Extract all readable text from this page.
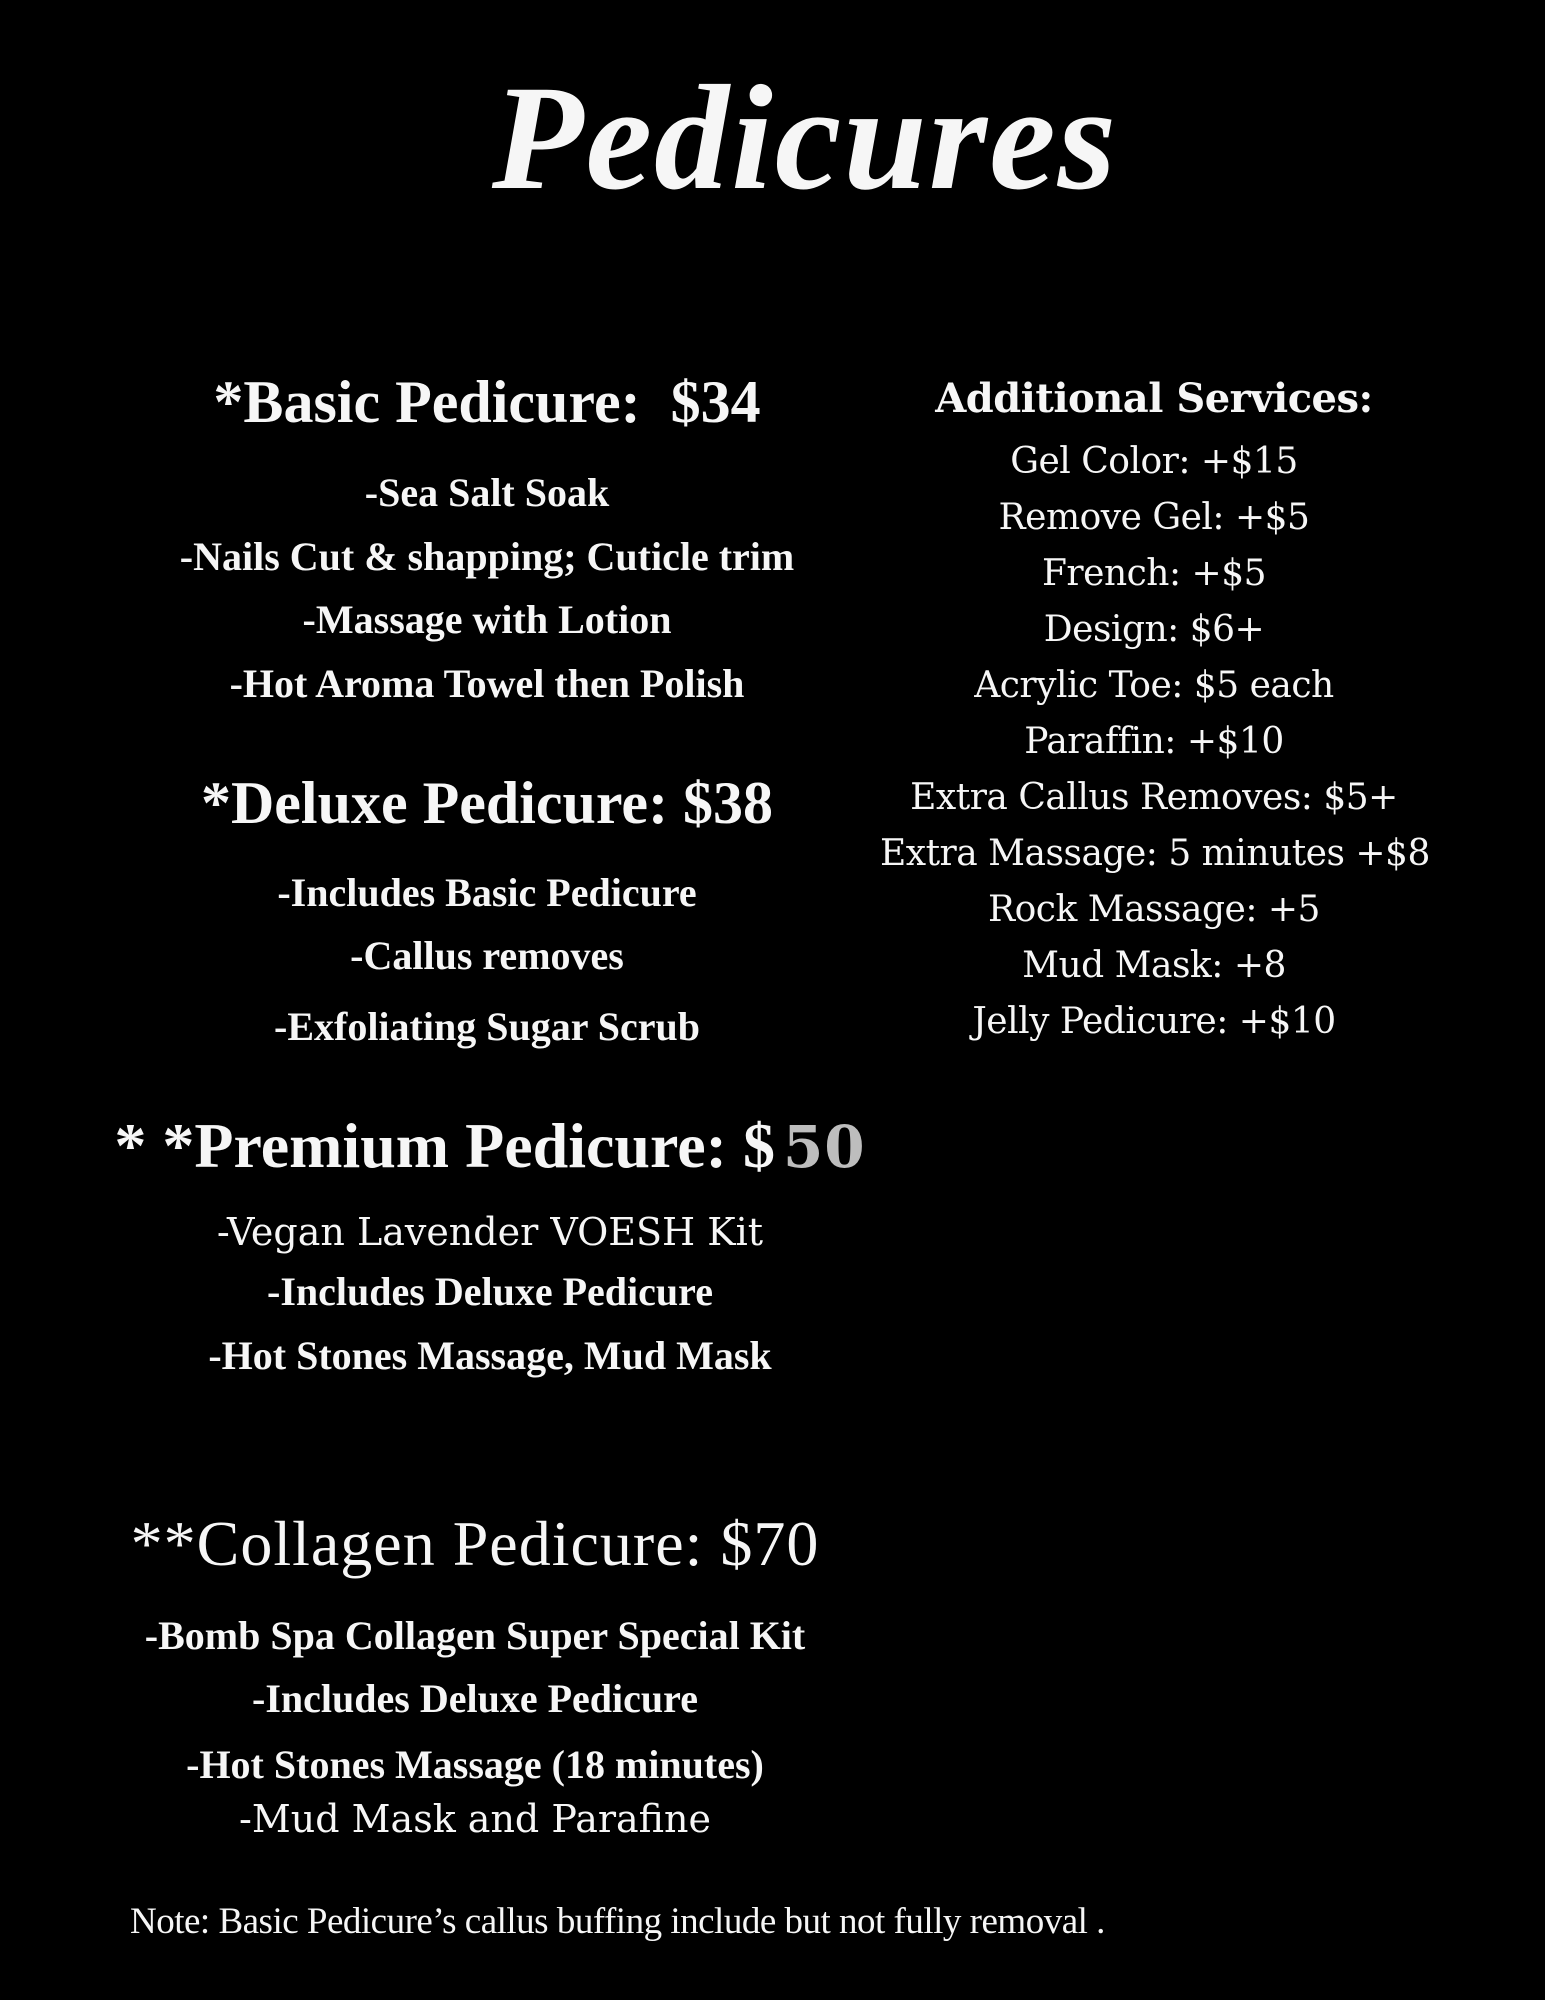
Pedicures
*Basic Pedicure:  $34
-Sea Salt Soak
-Nails Cut & shapping; Cuticle trim
-Massage with Lotion
-Hot Aroma Towel then Polish
*Deluxe Pedicure: $38
-Includes Basic Pedicure
-Callus removes
-Exfoliating Sugar Scrub
Additional Services:
Gel Color: +$15
Remove Gel: +$5
French: +$5
Design: $6+
Acrylic Toe: $5 each
Paraffin: +$10
Extra Callus Removes: $5+
Extra Massage: 5 minutes +$8
Rock Massage: +5
Mud Mask: +8
Jelly Pedicure: +$10
* *Premium Pedicure: $ 50
-Vegan Lavender VOESH Kit
-Includes Deluxe Pedicure
-Hot Stones Massage, Mud Mask
**Collagen Pedicure: $70
-Bomb Spa Collagen Super Special Kit
-Includes Deluxe Pedicure
-Hot Stones Massage (18 minutes)
-Mud Mask and Parafine
Note: Basic Pedicure’s callus buffing include but not fully removal .
